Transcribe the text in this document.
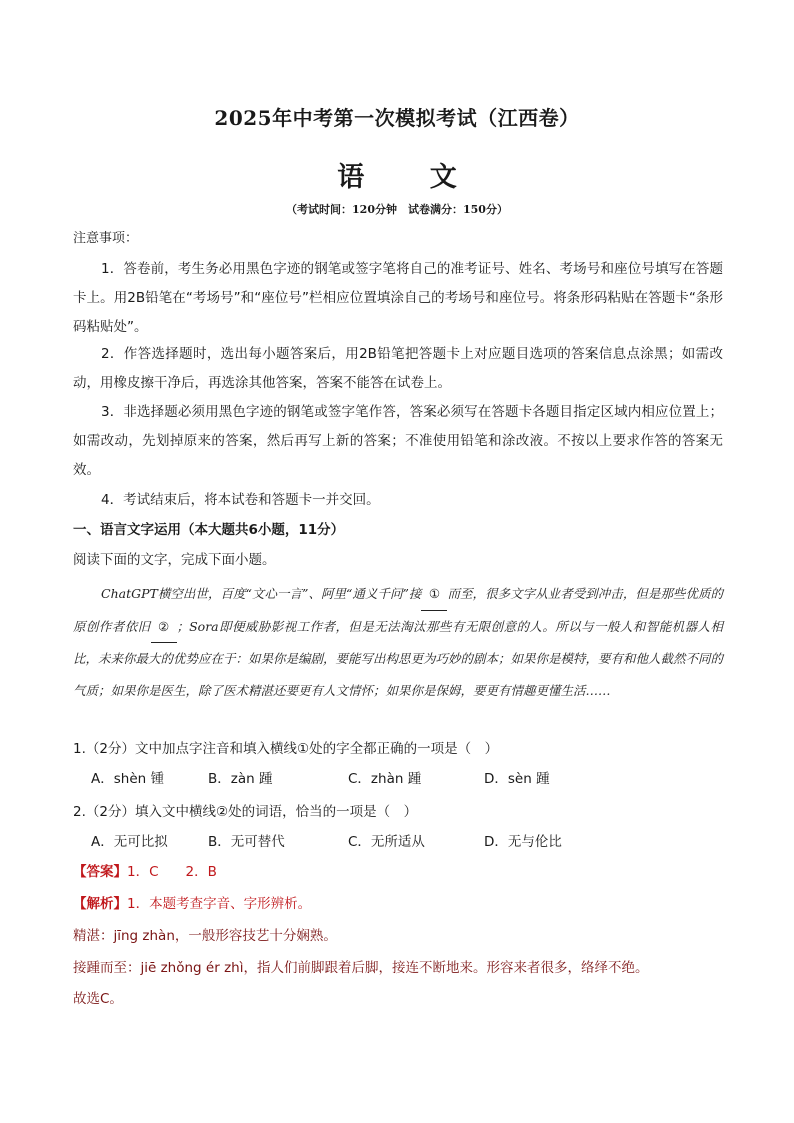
2025年中考第一次模拟考试（江西卷）
语 文
（考试时间：120分钟　试卷满分：150分）
注意事项：
1．答卷前，考生务必用黑色字迹的钢笔或签字笔将自己的准考证号、姓名、考场号和座位号填写在答题卡上。用2B铅笔在“考场号”和“座位号”栏相应位置填涂自己的考场号和座位号。将条形码粘贴在答题卡“条形码粘贴处”。
2．作答选择题时，选出每小题答案后，用2B铅笔把答题卡上对应题目选项的答案信息点涂黑；如需改动，用橡皮擦干净后，再选涂其他答案，答案不能答在试卷上。
3．非选择题必须用黑色字迹的钢笔或签字笔作答，答案必须写在答题卡各题目指定区域内相应位置上；如需改动，先划掉原来的答案，然后再写上新的答案；不准使用铅笔和涂改液。不按以上要求作答的答案无效。
4．考试结束后，将本试卷和答题卡一并交回。
一、语言文字运用（本大题共6小题，11分）
阅读下面的文字，完成下面小题。
ChatGPT横空出世，百度“文心一言”、阿里“通义千问”接 ① 而至，很多文字从业者受到冲击，但是那些优质的原创作者依旧 ② ；Sora即便威胁影视工作者，但是无法淘汰那些有无限创意的人。所以与一般人和智能机器人相比，未来你最大的优势应在于：如果你是编剧，要能写出构思更为巧妙的剧本；如果你是模特，要有和他人截然不同的气质；如果你是医生，除了医术精湛还要更有人文情怀；如果你是保姆，要更有情趣更懂生活……
1.（2分）文中加点字注音和填入横线①处的字全都正确的一项是（　）
A．shèn 锺	B．zàn 踵	C．zhàn 踵	D．sèn 踵
2.（2分）填入文中横线②处的词语，恰当的一项是（　）
A．无可比拟	B．无可替代	C．无所适从	D．无与伦比
【答案】1．C　　2．B
【解析】1．本题考查字音、字形辨析。
精湛：jīng zhàn，一般形容技艺十分娴熟。
接踵而至：jiē zhǒng ér zhì，指人们前脚跟着后脚，接连不断地来。形容来者很多，络绎不绝。
故选C。
